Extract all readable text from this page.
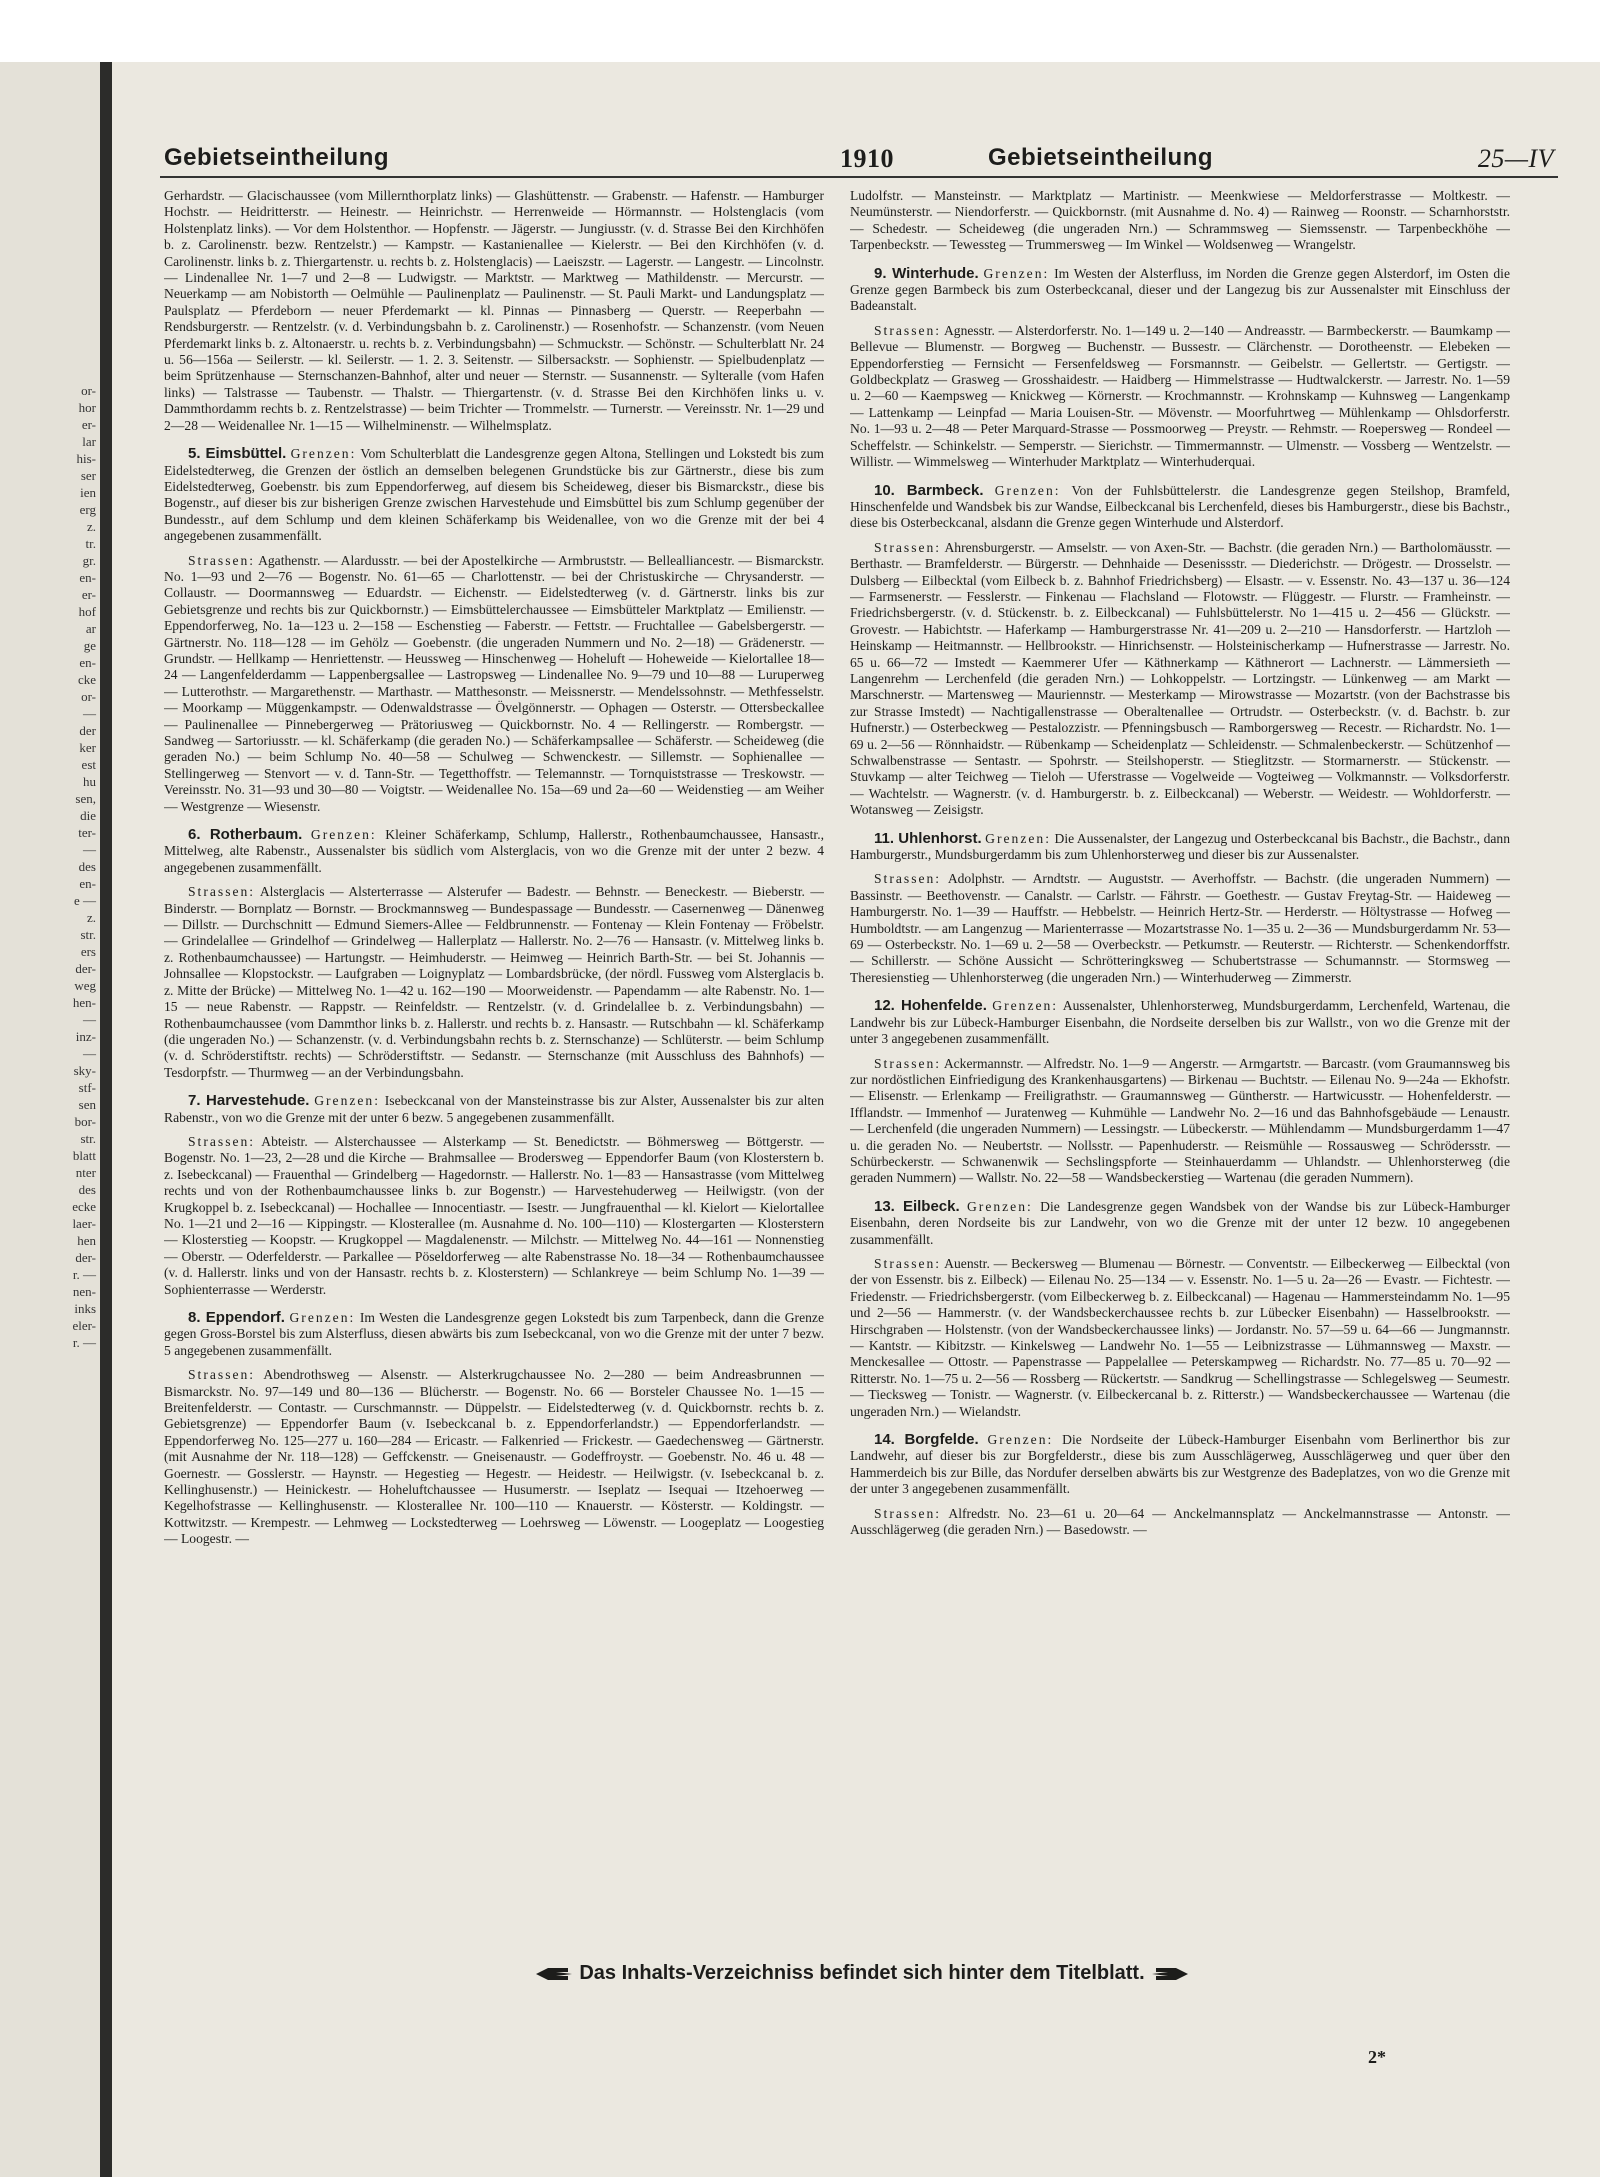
or-
hor
er-
lar
his-
ser
ien
erg
z.
tr.
gr.
en-
er-
hof
ar
ge
en-
cke
or-
—
der
ker
est
hu
sen,
die
ter-
—
des
en-
e —
z.
str.
ers
der-
weg
hen-
—
inz-
—
sky-
stf-
sen
bor-
str.
blatt
nter
des
ecke
laer-
hen
der-
r. —
nen-
inks
eler-
r. —
Gebietseintheilung	1910	Gebietseintheilung	25—IV

Gerhardstr. — Glacischaussee (vom Millernthorplatz links) — Glashüttenstr. — Grabenstr. — Hafenstr. — Hamburger Hochstr. — Heidritterstr. — Heinestr. — Heinrichstr. — Herrenweide — Hörmannstr. — Holstenglacis (vom Holstenplatz links). — Vor dem Holstenthor. — Hopfenstr. — Jägerstr. — Jungiusstr. (v. d. Strasse Bei den Kirchhöfen b. z. Carolinenstr. bezw. Rentzelstr.) — Kampstr. — Kastanienallee — Kielerstr. — Bei den Kirchhöfen (v. d. Carolinenstr. links b. z. Thiergartenstr. u. rechts b. z. Holstenglacis) — Laeiszstr. — Lagerstr. — Langestr. — Lincolnstr. — Lindenallee Nr. 1—7 und 2—8 — Ludwigstr. — Marktstr. — Marktweg — Mathildenstr. — Mercurstr. — Neuerkamp — am Nobistorth — Oelmühle — Paulinenplatz — Paulinenstr. — St. Pauli Markt- und Landungsplatz — Paulsplatz — Pferdeborn — neuer Pferdemarkt — kl. Pinnas — Pinnasberg — Querstr. — Reeperbahn — Rendsburgerstr. — Rentzelstr. (v. d. Verbindungsbahn b. z. Carolinenstr.) — Rosenhofstr. — Schanzenstr. (vom Neuen Pferdemarkt links b. z. Altonaerstr. u. rechts b. z. Verbindungsbahn) — Schmuckstr. — Schönstr. — Schulterblatt Nr. 24 u. 56—156a — Seilerstr. — kl. Seilerstr. — 1. 2. 3. Seitenstr. — Silbersackstr. — Sophienstr. — Spielbudenplatz — beim Sprützenhause — Sternschanzen-Bahnhof, alter und neuer — Sternstr. — Susannenstr. — Sylteralle (vom Hafen links) — Talstrasse — Taubenstr. — Thalstr. — Thiergartenstr. (v. d. Strasse Bei den Kirchhöfen links u. v. Dammthordamm rechts b. z. Rentzelstrasse) — beim Trichter — Trommelstr. — Turnerstr. — Vereinsstr. Nr. 1—29 und 2—28 — Weidenallee Nr. 1—15 — Wilhelminenstr. — Wilhelmsplatz.

5. Eimsbüttel. Grenzen: Vom Schulterblatt die Landesgrenze gegen Altona, Stellingen und Lokstedt bis zum Eidelstedterweg, die Grenzen der östlich an demselben belegenen Grundstücke bis zur Gärtnerstr., diese bis zum Eidelstedterweg, Goebenstr. bis zum Eppendorferweg, auf diesem bis Scheideweg, dieser bis Bismarckstr., diese bis Bogenstr., auf dieser bis zur bisherigen Grenze zwischen Harvestehude und Eimsbüttel bis zum Schlump gegenüber der Bundesstr., auf dem Schlump und dem kleinen Schäferkamp bis Weidenallee, von wo die Grenze mit der bei 4 angegebenen zusammenfällt.

Strassen: Agathenstr. — Alardusstr. — bei der Apostelkirche — Armbruststr. — Bellealliancestr. — Bismarckstr. No. 1—93 und 2—76 — Bogenstr. No. 61—65 — Charlottenstr. — bei der Christuskirche — Chrysanderstr. — Collaustr. — Doormannsweg — Eduardstr. — Eichenstr. — Eidelstedterweg (v. d. Gärtnerstr. links bis zur Gebietsgrenze und rechts bis zur Quickbornstr.) — Eimsbüttelerchaussee — Eimsbütteler Marktplatz — Emilienstr. — Eppendorferweg, No. 1a—123 u. 2—158 — Eschenstieg — Faberstr. — Fettstr. — Fruchtallee — Gabelsbergerstr. — Gärtnerstr. No. 118—128 — im Gehölz — Goebenstr. (die ungeraden Nummern und No. 2—18) — Grädenerstr. — Grundstr. — Hellkamp — Henriettenstr. — Heussweg — Hinschenweg — Hoheluft — Hoheweide — Kielortallee 18—24 — Langenfelderdamm — Lappenbergsallee — Lastropsweg — Lindenallee No. 9—79 und 10—88 — Luruperweg — Lutterothstr. — Margarethenstr. — Marthastr. — Matthesonstr. — Meissnerstr. — Mendelssohnstr. — Methfesselstr. — Moorkamp — Müggenkampstr. — Odenwaldstrasse — Övelgönnerstr. — Ophagen — Osterstr. — Ottersbeckallee — Paulinenallee — Pinnebergerweg — Prätoriusweg — Quickbornstr. No. 4 — Rellingerstr. — Rombergstr. — Sandweg — Sartoriusstr. — kl. Schäferkamp (die geraden No.) — Schäferkampsallee — Schäferstr. — Scheideweg (die geraden No.) — beim Schlump No. 40—58 — Schulweg — Schwenckestr. — Sillemstr. — Sophienallee — Stellingerweg — Stenvort — v. d. Tann-Str. — Tegetthoffstr. — Telemannstr. — Tornquiststrasse — Treskowstr. — Vereinsstr. No. 31—93 und 30—80 — Voigtstr. — Weidenallee No. 15a—69 und 2a—60 — Weidenstieg — am Weiher — Westgrenze — Wiesenstr.

6. Rotherbaum. Grenzen: Kleiner Schäferkamp, Schlump, Hallerstr., Rothenbaumchaussee, Hansastr., Mittelweg, alte Rabenstr., Aussenalster bis südlich vom Alsterglacis, von wo die Grenze mit der unter 2 bezw. 4 angegebenen zusammenfällt.

Strassen: Alsterglacis — Alsterterrasse — Alsterufer — Badestr. — Behnstr. — Beneckestr. — Bieberstr. — Binderstr. — Bornplatz — Bornstr. — Brockmannsweg — Bundespassage — Bundesstr. — Casernenweg — Dänenweg — Dillstr. — Durchschnitt — Edmund Siemers-Allee — Feldbrunnenstr. — Fontenay — Klein Fontenay — Fröbelstr. — Grindelallee — Grindelhof — Grindelweg — Hallerplatz — Hallerstr. No. 2—76 — Hansastr. (v. Mittelweg links b. z. Rothenbaumchaussee) — Hartungstr. — Heimhuderstr. — Heimweg — Heinrich Barth-Str. — bei St. Johannis — Johnsallee — Klopstockstr. — Laufgraben — Loignyplatz — Lombardsbrücke, (der nördl. Fussweg vom Alsterglacis b. z. Mitte der Brücke) — Mittelweg No. 1—42 u. 162—190 — Moorweidenstr. — Papendamm — alte Rabenstr. No. 1—15 — neue Rabenstr. — Rappstr. — Reinfeldstr. — Rentzelstr. (v. d. Grindelallee b. z. Verbindungsbahn) — Rothenbaumchaussee (vom Dammthor links b. z. Hallerstr. und rechts b. z. Hansastr. — Rutschbahn — kl. Schäferkamp (die ungeraden No.) — Schanzenstr. (v. d. Verbindungsbahn rechts b. z. Sternschanze) — Schlüterstr. — beim Schlump (v. d. Schröderstiftstr. rechts) — Schröderstiftstr. — Sedanstr. — Sternschanze (mit Ausschluss des Bahnhofs) — Tesdorpfstr. — Thurmweg — an der Verbindungsbahn.

7. Harvestehude. Grenzen: Isebeckcanal von der Mansteinstrasse bis zur Alster, Aussenalster bis zur alten Rabenstr., von wo die Grenze mit der unter 6 bezw. 5 angegebenen zusammenfällt.

Strassen: Abteistr. — Alsterchaussee — Alsterkamp — St. Benedictstr. — Böhmersweg — Böttgerstr. — Bogenstr. No. 1—23, 2—28 und die Kirche — Brahmsallee — Brodersweg — Eppendorfer Baum (von Klosterstern b. z. Isebeckcanal) — Frauenthal — Grindelberg — Hagedornstr. — Hallerstr. No. 1—83 — Hansastrasse (vom Mittelweg rechts und von der Rothenbaumchaussee links b. zur Bogenstr.) — Harvestehuderweg — Heilwigstr. (von der Krugkoppel b. z. Isebeckcanal) — Hochallee — Innocentiastr. — Isestr. — Jungfrauenthal — kl. Kielort — Kielortallee No. 1—21 und 2—16 — Kippingstr. — Klosterallee (m. Ausnahme d. No. 100—110) — Klostergarten — Klosterstern — Klosterstieg — Koopstr. — Krugkoppel — Magdalenenstr. — Milchstr. — Mittelweg No. 44—161 — Nonnenstieg — Oberstr. — Oderfelderstr. — Parkallee — Pöseldorferweg — alte Rabenstrasse No. 18—34 — Rothenbaumchaussee (v. d. Hallerstr. links und von der Hansastr. rechts b. z. Klosterstern) — Schlankreye — beim Schlump No. 1—39 — Sophienterrasse — Werderstr.

8. Eppendorf. Grenzen: Im Westen die Landesgrenze gegen Lokstedt bis zum Tarpenbeck, dann die Grenze gegen Gross-Borstel bis zum Alsterfluss, diesen abwärts bis zum Isebeckcanal, von wo die Grenze mit der unter 7 bezw. 5 angegebenen zusammenfällt.

Strassen: Abendrothsweg — Alsenstr. — Alsterkrugchaussee No. 2—280 — beim Andreasbrunnen — Bismarckstr. No. 97—149 und 80—136 — Blücherstr. — Bogenstr. No. 66 — Borsteler Chaussee No. 1—15 — Breitenfelderstr. — Contastr. — Curschmannstr. — Düppelstr. — Eidelstedterweg (v. d. Quickbornstr. rechts b. z. Gebietsgrenze) — Eppendorfer Baum (v. Isebeckcanal b. z. Eppendorferlandstr.) — Eppendorferlandstr. — Eppendorferweg No. 125—277 u. 160—284 — Ericastr. — Falkenried — Frickestr. — Gaedechensweg — Gärtnerstr. (mit Ausnahme der Nr. 118—128) — Geffckenstr. — Gneisenaustr. — Godeffroystr. — Goebenstr. No. 46 u. 48 — Goernestr. — Gosslerstr. — Haynstr. — Hegestieg — Hegestr. — Heidestr. — Heilwigstr. (v. Isebeckcanal b. z. Kellinghusenstr.) — Heinickestr. — Hoheluftchaussee — Husumerstr. — Iseplatz — Isequai — Itzehoerweg — Kegelhofstrasse — Kellinghusenstr. — Klosterallee Nr. 100—110 — Knauerstr. — Kösterstr. — Koldingstr. — Kottwitzstr. — Krempestr. — Lehmweg — Lockstedterweg — Loehrsweg — Löwenstr. — Loogeplatz — Loogestieg — Loogestr. —

Ludolfstr. — Mansteinstr. — Marktplatz — Martinistr. — Meenkwiese — Meldorferstrasse — Moltkestr. — Neumünsterstr. — Niendorferstr. — Quickbornstr. (mit Ausnahme d. No. 4) — Rainweg — Roonstr. — Scharnhorststr. — Schedestr. — Scheideweg (die ungeraden Nrn.) — Schrammsweg — Siemssenstr. — Tarpenbeckhöhe — Tarpenbeckstr. — Tewessteg — Trummersweg — Im Winkel — Woldsenweg — Wrangelstr.

9. Winterhude. Grenzen: Im Westen der Alsterfluss, im Norden die Grenze gegen Alsterdorf, im Osten die Grenze gegen Barmbeck bis zum Osterbeckcanal, dieser und der Langezug bis zur Aussenalster mit Einschluss der Badeanstalt.

Strassen: Agnesstr. — Alsterdorferstr. No. 1—149 u. 2—140 — Andreasstr. — Barmbeckerstr. — Baumkamp — Bellevue — Blumenstr. — Borgweg — Buchenstr. — Bussestr. — Clärchenstr. — Dorotheenstr. — Elebeken — Eppendorferstieg — Fernsicht — Fersenfeldsweg — Forsmannstr. — Geibelstr. — Gellertstr. — Gertigstr. — Goldbeckplatz — Grasweg — Grosshaidestr. — Haidberg — Himmelstrasse — Hudtwalckerstr. — Jarrestr. No. 1—59 u. 2—60 — Kaempsweg — Knickweg — Körnerstr. — Krochmannstr. — Krohnskamp — Kuhnsweg — Langenkamp — Lattenkamp — Leinpfad — Maria Louisen-Str. — Mövenstr. — Moorfuhrtweg — Mühlenkamp — Ohlsdorferstr. No. 1—93 u. 2—48 — Peter Marquard-Strasse — Possmoorweg — Preystr. — Rehmstr. — Roepersweg — Rondeel — Scheffelstr. — Schinkelstr. — Semperstr. — Sierichstr. — Timmermannstr. — Ulmenstr. — Vossberg — Wentzelstr. — Willistr. — Wimmelsweg — Winterhuder Marktplatz — Winterhuderquai.

10. Barmbeck. Grenzen: Von der Fuhlsbüttelerstr. die Landesgrenze gegen Steilshop, Bramfeld, Hinschenfelde und Wandsbek bis zur Wandse, Eilbeckcanal bis Lerchenfeld, dieses bis Hamburgerstr., diese bis Bachstr., diese bis Osterbeckcanal, alsdann die Grenze gegen Winterhude und Alsterdorf.

Strassen: Ahrensburgerstr. — Amselstr. — von Axen-Str. — Bachstr. (die geraden Nrn.) — Bartholomäusstr. — Berthastr. — Bramfelderstr. — Bürgerstr. — Dehnhaide — Desenissstr. — Diederichstr. — Drögestr. — Drosselstr. — Dulsberg — Eilbecktal (vom Eilbeck b. z. Bahnhof Friedrichsberg) — Elsastr. — v. Essenstr. No. 43—137 u. 36—124 — Farmsenerstr. — Fesslerstr. — Finkenau — Flachsland — Flotowstr. — Flüggestr. — Flurstr. — Framheinstr. — Friedrichsbergerstr. (v. d. Stückenstr. b. z. Eilbeckcanal) — Fuhlsbüttelerstr. No 1—415 u. 2—456 — Glückstr. — Grovestr. — Habichtstr. — Haferkamp — Hamburgerstrasse Nr. 41—209 u. 2—210 — Hansdorferstr. — Hartzloh — Heinskamp — Heitmannstr. — Hellbrookstr. — Hinrichsenstr. — Holsteinischerkamp — Hufnerstrasse — Jarrestr. No. 65 u. 66—72 — Imstedt — Kaemmerer Ufer — Käthnerkamp — Käthnerort — Lachnerstr. — Lämmersieth — Langenrehm — Lerchenfeld (die geraden Nrn.) — Lohkoppelstr. — Lortzingstr. — Lünkenweg — am Markt — Marschnerstr. — Martensweg — Mauriennstr. — Mesterkamp — Mirowstrasse — Mozartstr. (von der Bachstrasse bis zur Strasse Imstedt) — Nachtigallenstrasse — Oberaltenallee — Ortrudstr. — Osterbeckstr. (v. d. Bachstr. b. zur Hufnerstr.) — Osterbeckweg — Pestalozzistr. — Pfenningsbusch — Ramborgersweg — Recestr. — Richardstr. No. 1—69 u. 2—56 — Rönnhaidstr. — Rübenkamp — Scheidenplatz — Schleidenstr. — Schmalenbeckerstr. — Schützenhof — Schwalbenstrasse — Sentastr. — Spohrstr. — Steilshoperstr. — Stieglitzstr. — Stormarnerstr. — Stückenstr. — Stuvkamp — alter Teichweg — Tieloh — Uferstrasse — Vogelweide — Vogteiweg — Volkmannstr. — Volksdorferstr. — Wachtelstr. — Wagnerstr. (v. d. Hamburgerstr. b. z. Eilbeckcanal) — Weberstr. — Weidestr. — Wohldorferstr. — Wotansweg — Zeisigstr.

11. Uhlenhorst. Grenzen: Die Aussenalster, der Langezug und Osterbeckcanal bis Bachstr., die Bachstr., dann Hamburgerstr., Mundsburgerdamm bis zum Uhlenhorsterweg und dieser bis zur Aussenalster.

Strassen: Adolphstr. — Arndtstr. — Auguststr. — Averhoffstr. — Bachstr. (die ungeraden Nummern) — Bassinstr. — Beethovenstr. — Canalstr. — Carlstr. — Fährstr. — Goethestr. — Gustav Freytag-Str. — Haideweg — Hamburgerstr. No. 1—39 — Hauffstr. — Hebbelstr. — Heinrich Hertz-Str. — Herderstr. — Höltystrasse — Hofweg — Humboldtstr. — am Langenzug — Marienterrasse — Mozartstrasse No. 1—35 u. 2—36 — Mundsburgerdamm Nr. 53—69 — Osterbeckstr. No. 1—69 u. 2—58 — Overbeckstr. — Petkumstr. — Reuterstr. — Richterstr. — Schenkendorffstr. — Schillerstr. — Schöne Aussicht — Schrötteringksweg — Schubertstrasse — Schumannstr. — Stormsweg — Theresienstieg — Uhlenhorsterweg (die ungeraden Nrn.) — Winterhuderweg — Zimmerstr.

12. Hohenfelde. Grenzen: Aussenalster, Uhlenhorsterweg, Mundsburgerdamm, Lerchenfeld, Wartenau, die Landwehr bis zur Lübeck-Hamburger Eisenbahn, die Nordseite derselben bis zur Wallstr., von wo die Grenze mit der unter 3 angegebenen zusammenfällt.

Strassen: Ackermannstr. — Alfredstr. No. 1—9 — Angerstr. — Armgartstr. — Barcastr. (vom Graumannsweg bis zur nordöstlichen Einfriedigung des Krankenhausgartens) — Birkenau — Buchtstr. — Eilenau No. 9—24a — Ekhofstr. — Elisenstr. — Erlenkamp — Freiligrathstr. — Graumannsweg — Güntherstr. — Hartwicusstr. — Hohenfelderstr. — Ifflandstr. — Immenhof — Juratenweg — Kuhmühle — Landwehr No. 2—16 und das Bahnhofsgebäude — Lenaustr. — Lerchenfeld (die ungeraden Nummern) — Lessingstr. — Lübeckerstr. — Mühlendamm — Mundsburgerdamm 1—47 u. die geraden No. — Neubertstr. — Nollsstr. — Papenhuderstr. — Reismühle — Rossausweg — Schrödersstr. — Schürbeckerstr. — Schwanenwik — Sechslingspforte — Steinhauerdamm — Uhlandstr. — Uhlenhorsterweg (die geraden Nummern) — Wallstr. No. 22—58 — Wandsbeckerstieg — Wartenau (die geraden Nummern).

13. Eilbeck. Grenzen: Die Landesgrenze gegen Wandsbek von der Wandse bis zur Lübeck-Hamburger Eisenbahn, deren Nordseite bis zur Landwehr, von wo die Grenze mit der unter 12 bezw. 10 angegebenen zusammenfällt.

Strassen: Auenstr. — Beckersweg — Blumenau — Börnestr. — Conventstr. — Eilbeckerweg — Eilbecktal (von der von Essenstr. bis z. Eilbeck) — Eilenau No. 25—134 — v. Essenstr. No. 1—5 u. 2a—26 — Evastr. — Fichtestr. — Friedenstr. — Friedrichsbergerstr. (vom Eilbeckerweg b. z. Eilbeckcanal) — Hagenau — Hammersteindamm No. 1—95 und 2—56 — Hammerstr. (v. der Wandsbeckerchaussee rechts b. zur Lübecker Eisenbahn) — Hasselbrookstr. — Hirschgraben — Holstenstr. (von der Wandsbeckerchaussee links) — Jordanstr. No. 57—59 u. 64—66 — Jungmannstr. — Kantstr. — Kibitzstr. — Kinkelsweg — Landwehr No. 1—55 — Leibnizstrasse — Lühmannsweg — Maxstr. — Menckesallee — Ottostr. — Papenstrasse — Pappelallee — Peterskampweg — Richardstr. No. 77—85 u. 70—92 — Ritterstr. No. 1—75 u. 2—56 — Rossberg — Rückertstr. — Sandkrug — Schellingstrasse — Schlegelsweg — Seumestr. — Tiecksweg — Tonistr. — Wagnerstr. (v. Eilbeckercanal b. z. Ritterstr.) — Wandsbeckerchaussee — Wartenau (die ungeraden Nrn.) — Wielandstr.

14. Borgfelde. Grenzen: Die Nordseite der Lübeck-Hamburger Eisenbahn vom Berlinerthor bis zur Landwehr, auf dieser bis zur Borgfelderstr., diese bis zum Ausschlägerweg, Ausschlägerweg und quer über den Hammerdeich bis zur Bille, das Nordufer derselben abwärts bis zur Westgrenze des Badeplatzes, von wo die Grenze mit der unter 3 angegebenen zusammenfällt.

Strassen: Alfredstr. No. 23—61 u. 20—64 — Anckelmannsplatz — Anckelmannstrasse — Antonstr. — Ausschlägerweg (die geraden Nrn.) — Basedowstr. —

Das Inhalts-Verzeichniss befindet sich hinter dem Titelblatt.
2*
